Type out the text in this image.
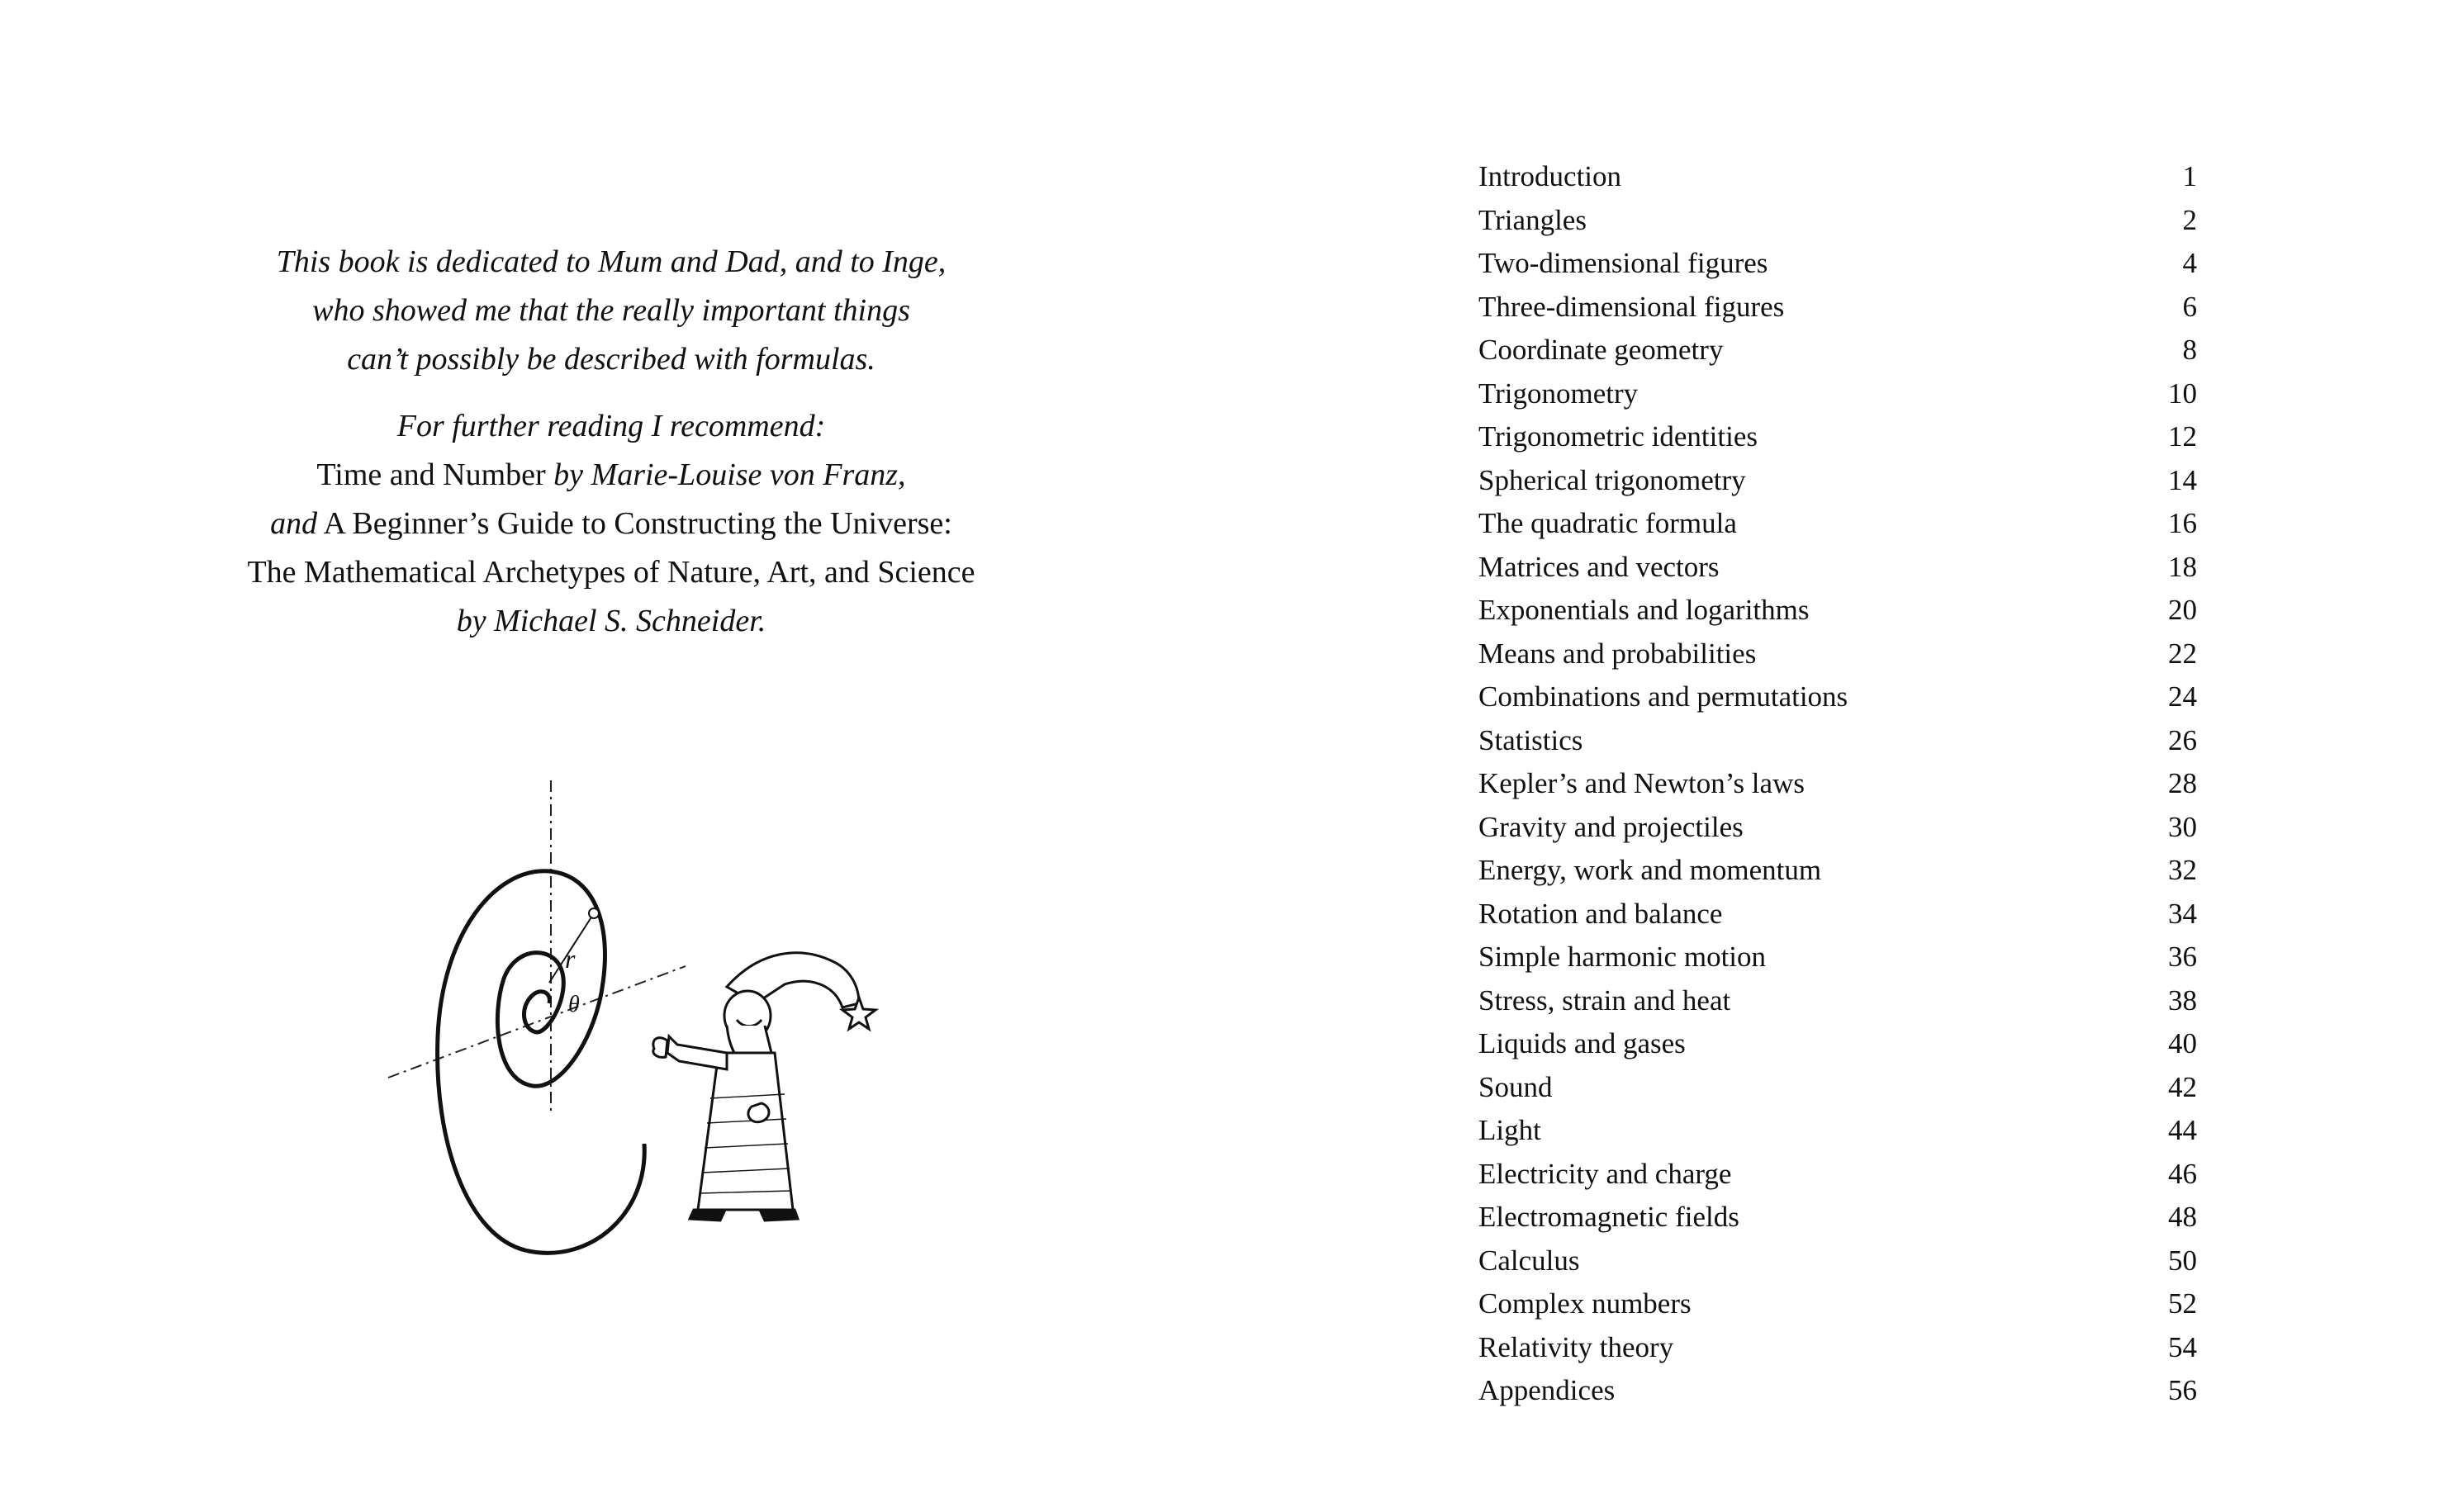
This book is dedicated to Mum and Dad, and to Inge,

who showed me that the really important things

can’t possibly be described with formulas.

For further reading I recommend:

Time and Number by Marie-Louise von Franz,

and A Beginner’s Guide to Constructing the Universe:

The Mathematical Archetypes of Nature, Art, and Science

by Michael S. Schneider.

r
θ
Introduction	1
Triangles	2
Two-dimensional figures	4
Three-dimensional figures	6
Coordinate geometry	8
Trigonometry	10
Trigonometric identities	12
Spherical trigonometry	14
The quadratic formula	16
Matrices and vectors	18
Exponentials and logarithms	20
Means and probabilities	22
Combinations and permutations	24
Statistics	26
Kepler’s and Newton’s laws	28
Gravity and projectiles	30
Energy, work and momentum	32
Rotation and balance	34
Simple harmonic motion	36
Stress, strain and heat	38
Liquids and gases	40
Sound	42
Light	44
Electricity and charge	46
Electromagnetic fields	48
Calculus	50
Complex numbers	52
Relativity theory	54
Appendices	56
